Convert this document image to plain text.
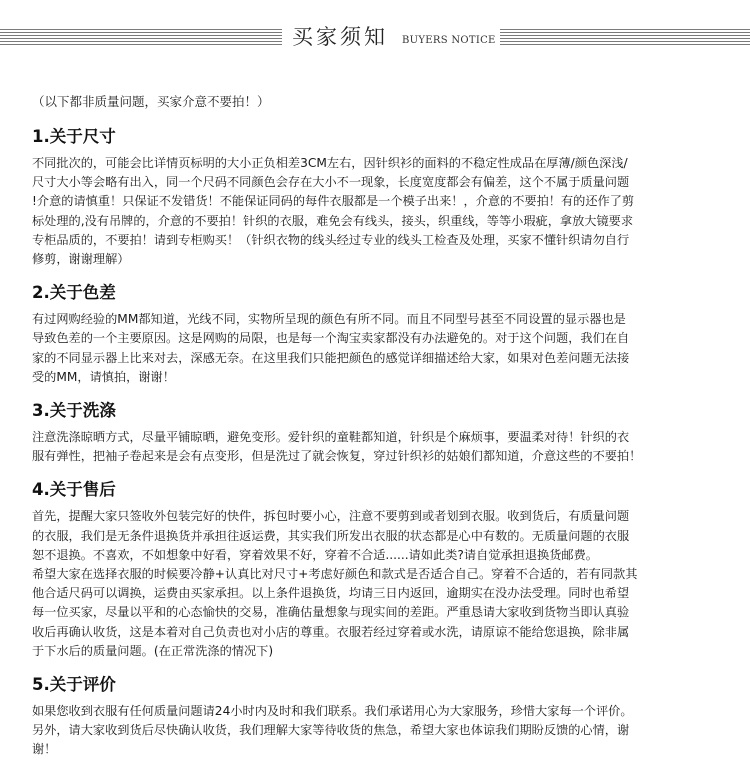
买家须知 BUYERS NOTICE

（以下都非质量问题，买家介意不要拍！）

1.关于尺寸
不同批次的，可能会比详情页标明的大小正负相差3CM左右，因针织衫的面料的不稳定性成品在厚薄/颜色深浅/
尺寸大小等会略有出入，同一个尺码不同颜色会存在大小不一现象，长度宽度都会有偏差，这个不属于质量问题
!介意的请慎重！只保证不发错货！不能保证同码的每件衣服都是一个模子出来！，介意的不要拍！有的还作了剪
标处理的,没有吊牌的，介意的不要拍！针织的衣服，难免会有线头，接头，织重线，等等小瑕疵，拿放大镜要求
专柜品质的，不要拍！请到专柜购买！（针织衣物的线头经过专业的线头工检查及处理，买家不懂针织请勿自行
修剪，谢谢理解）
2.关于色差
有过网购经验的MM都知道，光线不同，实物所呈现的颜色有所不同。而且不同型号甚至不同设置的显示器也是
导致色差的一个主要原因。这是网购的局限，也是每一个淘宝卖家都没有办法避免的。对于这个问题，我们在自
家的不同显示器上比来对去，深感无奈。在这里我们只能把颜色的感觉详细描述给大家，如果对色差问题无法接
受的MM，请慎拍，谢谢！
3.关于洗涤
注意洗涤晾晒方式，尽量平铺晾晒，避免变形。爱针织的童鞋都知道，针织是个麻烦事，要温柔对待！针织的衣
服有弹性，把袖子卷起来是会有点变形，但是洗过了就会恢复，穿过针织衫的姑娘们都知道，介意这些的不要拍！
4.关于售后
首先，提醒大家只签收外包装完好的快件，拆包时要小心，注意不要剪到或者划到衣服。收到货后，有质量问题
的衣服，我们是无条件退换货并承担往返运费，其实我们所发出衣服的状态都是心中有数的。无质量问题的衣服
恕不退换。不喜欢，不如想象中好看，穿着效果不好，穿着不合适......请如此类?请自觉承担退换货邮费。
希望大家在选择衣服的时候要冷静+认真比对尺寸+考虑好颜色和款式是否适合自己。穿着不合适的，若有同款其
他合适尺码可以调换，运费由买家承担。以上条件退换货，均请三日内返回，逾期实在没办法受理。同时也希望
每一位买家，尽量以平和的心态愉快的交易，准确估量想象与现实间的差距。严重恳请大家收到货物当即认真验
收后再确认收货，这是本着对自己负责也对小店的尊重。衣服若经过穿着或水洗，请原谅不能给您退换，除非属
于下水后的质量问题。(在正常洗涤的情况下)
5.关于评价
如果您收到衣服有任何质量问题请24小时内及时和我们联系。我们承诺用心为大家服务，珍惜大家每一个评价。
另外，请大家收到货后尽快确认收货，我们理解大家等待收货的焦急，希望大家也体谅我们期盼反馈的心情，谢
谢！
